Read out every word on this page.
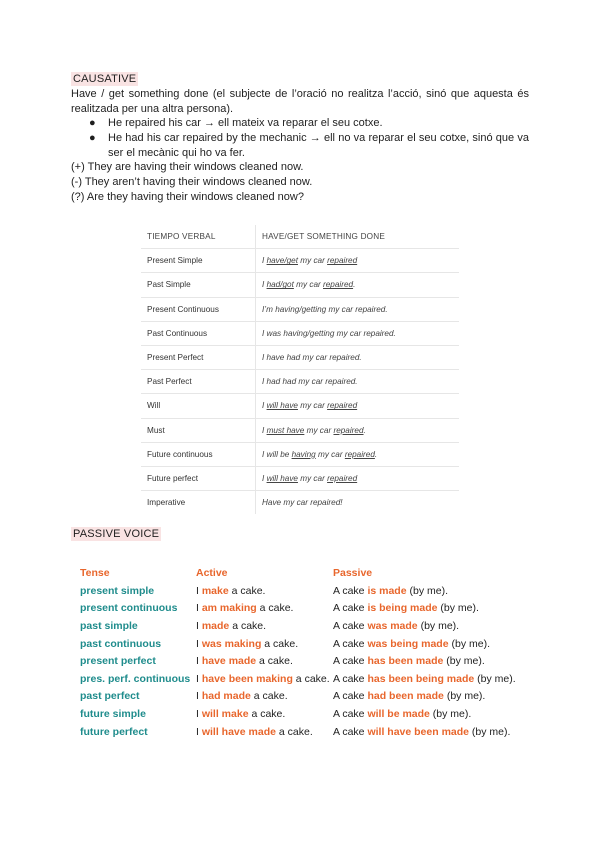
CAUSATIVE
Have / get something done (el subjecte de l’oració no realitza l’acció, sinó que aquesta és realitzada per una altra persona).
● He repaired his car → ell mateix va reparar el seu cotxe.
● He had his car repaired by the mechanic → ell no va reparar el seu cotxe, sinó que va ser el mecànic qui ho va fer.
(+) They are having their windows cleaned now.
(-) They aren’t having their windows cleaned now.
(?) Are they having their windows cleaned now?
TIEMPO VERBAL	HAVE/GET SOMETHING DONE
Present Simple	I have/get my car repaired
Past Simple	I had/got my car repaired.
Present Continuous	I’m having/getting my car repaired.
Past Continuous	I was having/getting my car repaired.
Present Perfect	I have had my car repaired.
Past Perfect	I had had my car repaired.
Will	I will have my car repaired
Must	I must have my car repaired.
Future continuous	I will be having my car repaired.
Future perfect	I will have my car repaired
Imperative	Have my car repaired!
PASSIVE VOICE
Tense	Active	Passive
present simple	I make a cake.	A cake is made (by me).
present continuous	I am making a cake.	A cake is being made (by me).
past simple	I made a cake.	A cake was made (by me).
past continuous	I was making a cake.	A cake was being made (by me).
present perfect	I have made a cake.	A cake has been made (by me).
pres. perf. continuous	I have been making a cake.	A cake has been being made (by me).
past perfect	I had made a cake.	A cake had been made (by me).
future simple	I will make a cake.	A cake will be made (by me).
future perfect	I will have made a cake.	A cake will have been made (by me).
